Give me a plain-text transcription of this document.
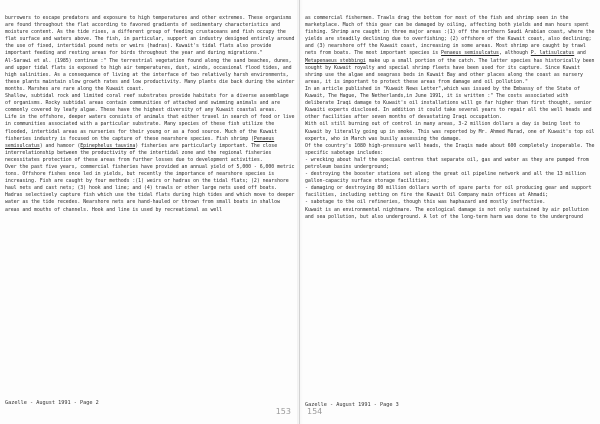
burrowers to escape predators and exposure to high temperatures and other extremes. These organisms are found throughout the flat according to favored gradients of sedimentary characteristics and moisture content. As the tide rises, a different group of feeding crustaceans and fish occupy the flat surface and waters above. The fish, in particular, support an industry designed entirely around the use of fixed, intertidal pound nets or weirs (hadras). Kuwait's tidal flats also provide important feeding and resting areas for birds throughout the year and during migrations."

Al-Sarawi et al. (1985) continue :" The terrestrial vegetation found along the sand beaches, dunes, and upper tidal flats is exposed to high air temperatures, dust, winds, occasional flood tides, and high salinities. As a consequence of living at the interface of two relatively harsh environments, these plants maintain slow growth rates and low productivity. Many plants die back during the winter months. Marshes are rare along the Kuwait coast.

Shallow, subtidal rock and limited coral reef substrates provide habitats for a diverse assemblage of organisms. Rocky subtidal areas contain communities of attached and swimming animals and are commonly covered by leafy algae. These have the highest diversity of any Kuwait coastal areas.

Life in the offshore, deeper waters consists of animals that either travel in search of food or live in communities associated with a particular substrate. Many species of these fish utilize the flooded, intertidal areas as nurseries for their young or as a food source. Much of the Kuwait fisheries industry is focused on the capture of these nearshore species. Fish shrimp (Penaeus semisulcatus) and hamoor (Epinephelus tauvina) fisheries are particularly important. The close interrelationship between the productivity of the intertidal zone and the regional fisheries necessitates protection of these areas from further losses due to development activities.

Over the past five years, commercial fisheries have provided an annual yield of 5,000 - 6,000 metric tons. Offshore fishes once led in yields, but recently the importance of nearshore species is increasing. Fish are caught by four methods :(1) weirs or hadras on the tidal flats; (2) nearshore haul nets and cast nets; (3) hook and line; and (4) trawls or other large nets used off boats. Hadras selectively capture fish which use the tidal flats during high tides and which move to deeper water as the tide recedes. Nearshore nets are hand-hauled or thrown from small boats in shallow areas and mouths of channels. Hook and line is used by recreational as well

Gazelle - August 1991 - Page 2
153

as commercial fishermen. Trawls drag the bottom for most of the fish and shrimp seen in the marketplace. Much of this gear can be damaged by oiling, affecting both yields and man hours spent fishing. Shrimp are caught in three major areas :(1) off the northern Saudi Arabian coast, where the yields are steadily declining due to overfishing; (2) offshore of the Kuwait coast, also declining; and (3) nearshore off the Kuwait coast, increasing in some areas. Most shrimp are caught by trawl nets from boats. The most important species is Penaeus semisulcatus, although P. latisulcatus and Metapenaeus stebbingi make up a small portion of the catch. The latter species has historically been sought by Kuwait royalty and special shrimp fleets have been used for its capture. Since Kuwait shrimp use the algae and seagrass beds in Kuwait Bay and other places along the coast as nursery areas, it is important to protect these areas from damage and oil pollution."

In an article published in "Kuwait News Letter",which was issued by the Embassy of the State of Kuwait, The Hague, The Netherlands,in June 1991, it is written :" The costs associated with deliberate Iraqi damage to Kuwait's oil installations will go far higher than first thought, senior Kuwaiti experts disclosed. In addition it could take several years to repair all the well heads and other facilities after seven months of devastating Iraqi occupation.

With oil still burning out of control in many areas, 3-2 million dollars a day is being lost to Kuwait by literally going up in smoke. This was reported by Mr. Ahmed Murad, one of Kuwait's top oil experts, who in March was busily assessing the damage.

Of the country's 1080 high-pressure well heads, the Iraqis made about 600 completely inoperable. The specific sabotage includes:

- wrecking about half the special centres that separate oil, gas and water as they are pumped from petroleum basins underground;

- destroying the booster stations set along the great oil pipeline network and all the 13 million gallon-capacity surface storage facilities;

- damaging or destroying 80 million dollars worth of spare parts for oil producing gear and support facilities, including setting on fire the Kuwait Oil Company main offices at Ahmadi;

- sabotage to the oil refineries, though this was haphazard and mostly ineffective.

Kuwait is an environmental nightmare. The ecological damage is not only sustained by air pollution and sea pollution, but also underground. A lot of the long-term harm was done to the underground

Gazelle - August 1991 - Page 3
154
